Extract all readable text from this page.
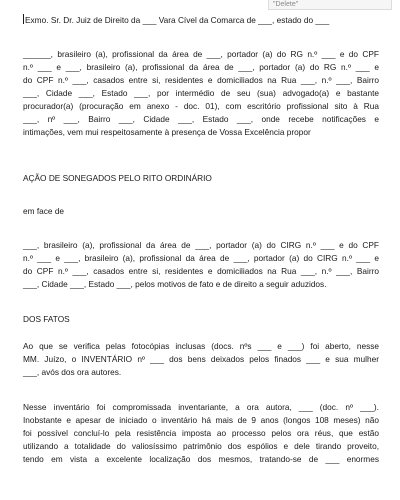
"Delete"
Exmo. Sr. Dr. Juiz de Direito da ___ Vara Cível da Comarca de ___, estado do ___
______, brasileiro (a), profissional da área de ___, portador (a) do RG n.º ___ e do CPF
n.º ___ e ___, brasileiro (a), profissional da área de ___, portador (a) do RG n.º ___ e
do CPF n.º ___, casados entre si, residentes e domiciliados na Rua ___, n.º ___, Bairro
___, Cidade ___, Estado ___, por intermédio de seu (sua) advogado(a) e bastante
procurador(a) (procuração em anexo - doc. 01), com escritório profissional sito à Rua
___, nº ___, Bairro ___, Cidade ___, Estado ___, onde recebe notificações e
intimações, vem mui respeitosamente à presença de Vossa Excelência propor
AÇÃO DE SONEGADOS PELO RITO ORDINÁRIO
em face de
___, brasileiro (a), profissional da área de ___, portador (a) do CIRG n.º ___ e do CPF
n.º ___ e ___, brasileiro (a), profissional da área de ___, portador (a) do CIRG n.º ___ e
do CPF n.º ___, casados entre si, residentes e domiciliados na Rua ___, n.º ___, Bairro
___, Cidade ___, Estado ___, pelos motivos de fato e de direito a seguir aduzidos.
DOS FATOS
Ao que se verifica pelas fotocópias inclusas (docs. nºs ___ e ___) foi aberto, nesse
MM. Juízo, o INVENTÁRIO nº ___ dos bens deixados pelos finados ___ e sua mulher
___, avós dos ora autores.
Nesse inventário foi compromissada inventariante, a ora autora, ___ (doc. nº ___).
Inobstante e apesar de iniciado o inventário há mais de 9 anos (longos 108 meses) não
foi possível concluí-lo pela resistência imposta ao processo pelos ora réus, que estão
utilizando a totalidade do valiosíssimo patrimônio dos espólios e dele tirando proveito,
tendo em vista a excelente localização dos mesmos, tratando-se de ___ enormes
